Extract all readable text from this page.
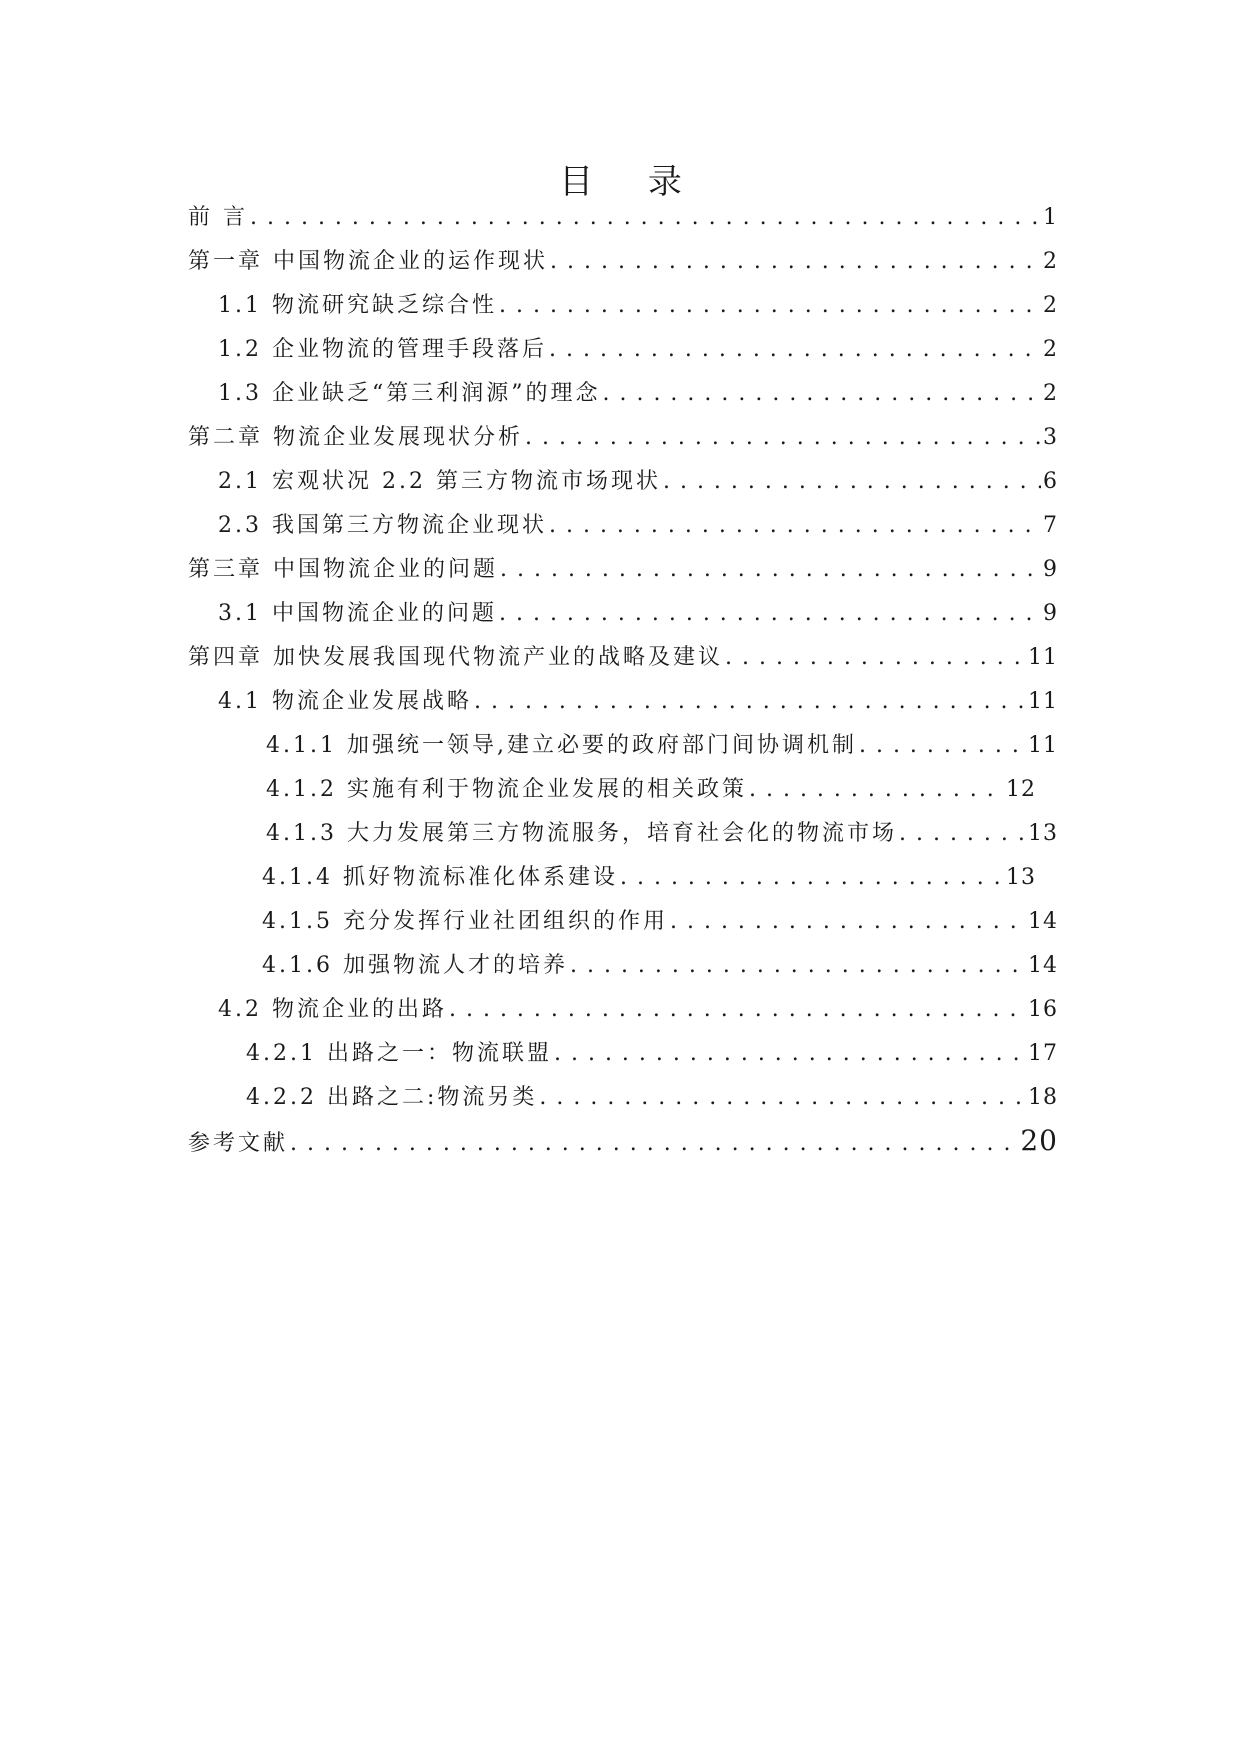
目 录
前 言 . . .	1
第一章 中国物流企业的运作现状 . . .	2
1.1 物流研究缺乏综合性 . . .	2
1.2 企业物流的管理手段落后 . . .	2
1.3 企业缺乏“第三利润源”的理念 . . .	2
第二章 物流企业发展现状分析 . . .	3
2.1 宏观状况 2.2 第三方物流市场现状 . . .	6
2.3 我国第三方物流企业现状 . . .	7
第三章 中国物流企业的问题 . . .	9
3.1 中国物流企业的问题 . . .	9
第四章 加快发展我国现代物流产业的战略及建议 . . .	11
4.1 物流企业发展战略 . . .	11
4.1.1 加强统一领导,建立必要的政府部门间协调机制 . . .	11
4.1.2 实施有利于物流企业发展的相关政策 . . .	12
4.1.3 大力发展第三方物流服务，培育社会化的物流市场 . . .	13
4.1.4 抓好物流标准化体系建设 . . .	13
4.1.5 充分发挥行业社团组织的作用 . . .	14
4.1.6 加强物流人才的培养 . . .	14
4.2 物流企业的出路 . . .	16
4.2.1 出路之一：物流联盟 . . .	17
4.2.2 出路之二:物流另类 . . .	18
参考文献 . . .	20
